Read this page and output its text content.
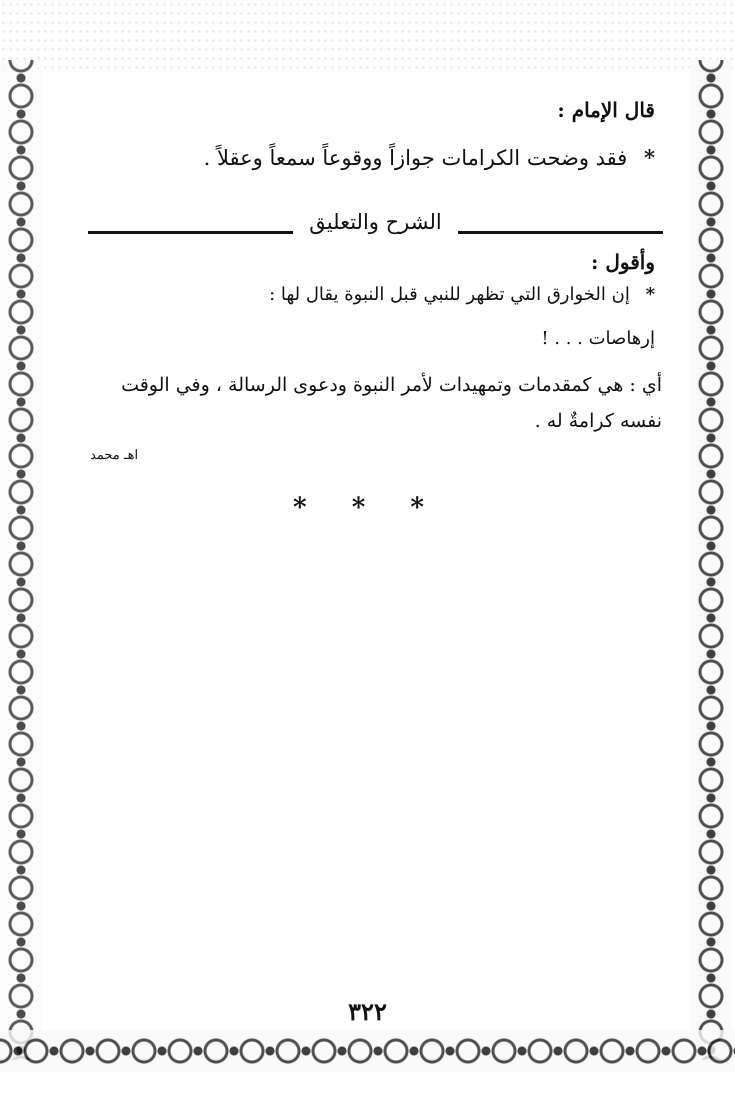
قال الإمام :
* فقد وضحت الكرامات جوازاً ووقوعاً سمعاً وعقلاً .
الشرح والتعليق
وأقول :
* إن الخوارق التي تظهر للنبي قبل النبوة يقال لها :
إرهاصات . . . !
أي : هي كمقدمات وتمهيدات لأمر النبوة ودعوى الرسالة ، وفي الوقت
نفسه كرامةٌ له .
اهـ محمد
* * *
٣٢٢
